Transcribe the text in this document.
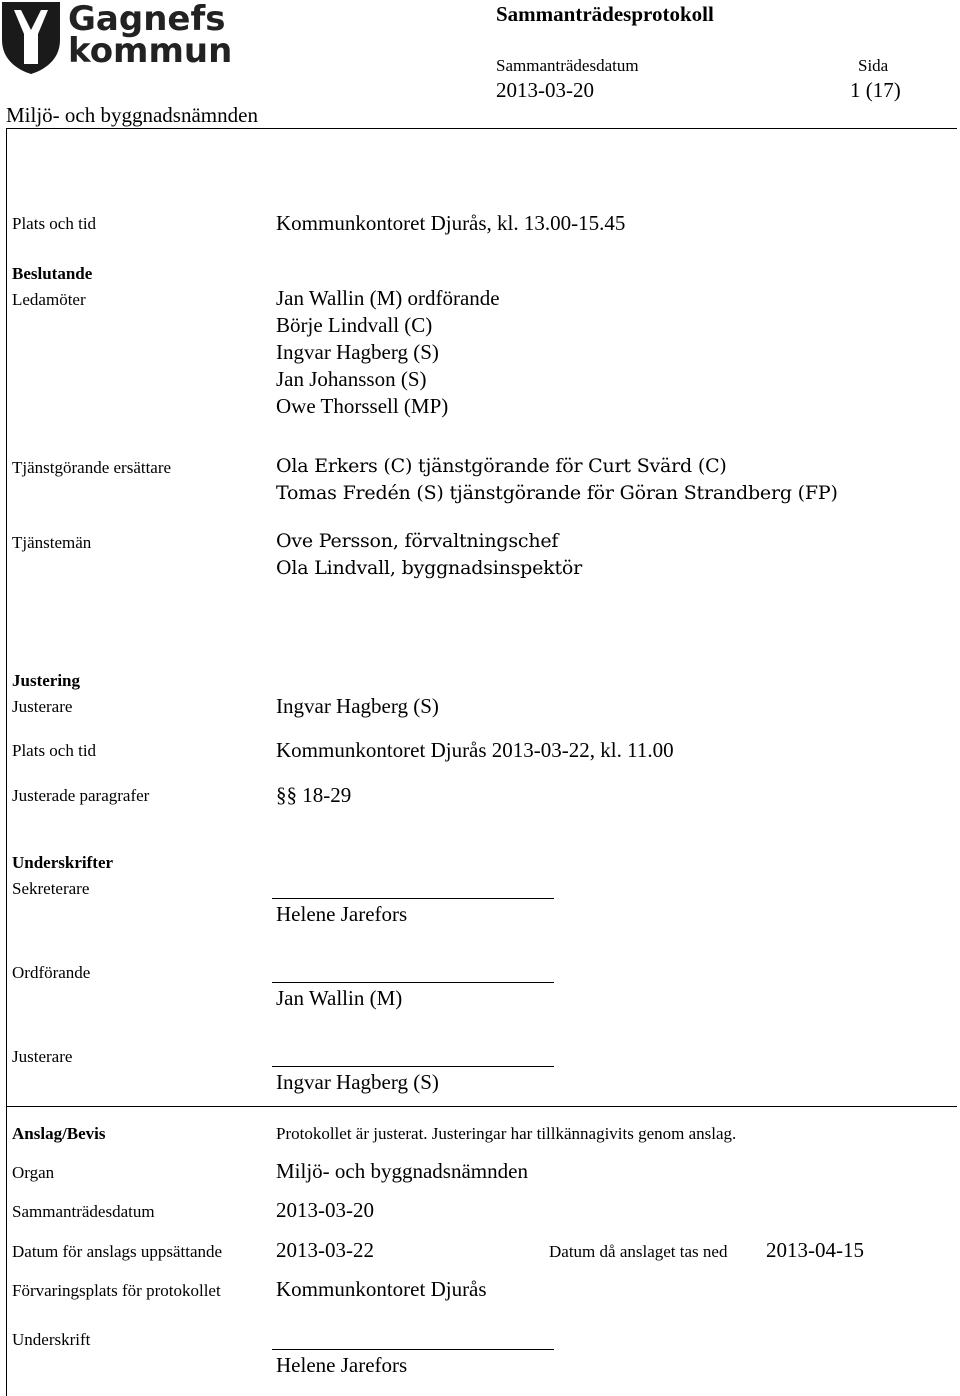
Gagnefs
kommun
Sammanträdesprotokoll
Sammanträdesdatum	Sida
2013-03-20	1 (17)
Miljö- och byggnadsnämnden
Plats och tid	Kommunkontoret Djurås, kl. 13.00-15.45
Beslutande
Ledamöter	Jan Wallin (M) ordförande
Börje Lindvall (C)
Ingvar Hagberg (S)
Jan Johansson (S)
Owe Thorssell (MP)
Tjänstgörande ersättare	Ola Erkers (C) tjänstgörande för Curt Svärd (C)
Tomas Fredén (S) tjänstgörande för Göran Strandberg (FP)
Tjänstemän	Ove Persson, förvaltningschef
Ola Lindvall, byggnadsinspektör
Justering
Justerare	Ingvar Hagberg (S)
Plats och tid	Kommunkontoret Djurås 2013-03-22, kl. 11.00
Justerade paragrafer	§§ 18-29
Underskrifter
Sekreterare
Helene Jarefors
Ordförande
Jan Wallin (M)
Justerare
Ingvar Hagberg (S)
Anslag/Bevis	Protokollet är justerat. Justeringar har tillkännagivits genom anslag.
Organ	Miljö- och byggnadsnämnden
Sammanträdesdatum	2013-03-20
Datum för anslags uppsättande	2013-03-22	Datum då anslaget tas ned 2013-04-15
Förvaringsplats för protokollet	Kommunkontoret Djurås
Underskrift
Helene Jarefors
